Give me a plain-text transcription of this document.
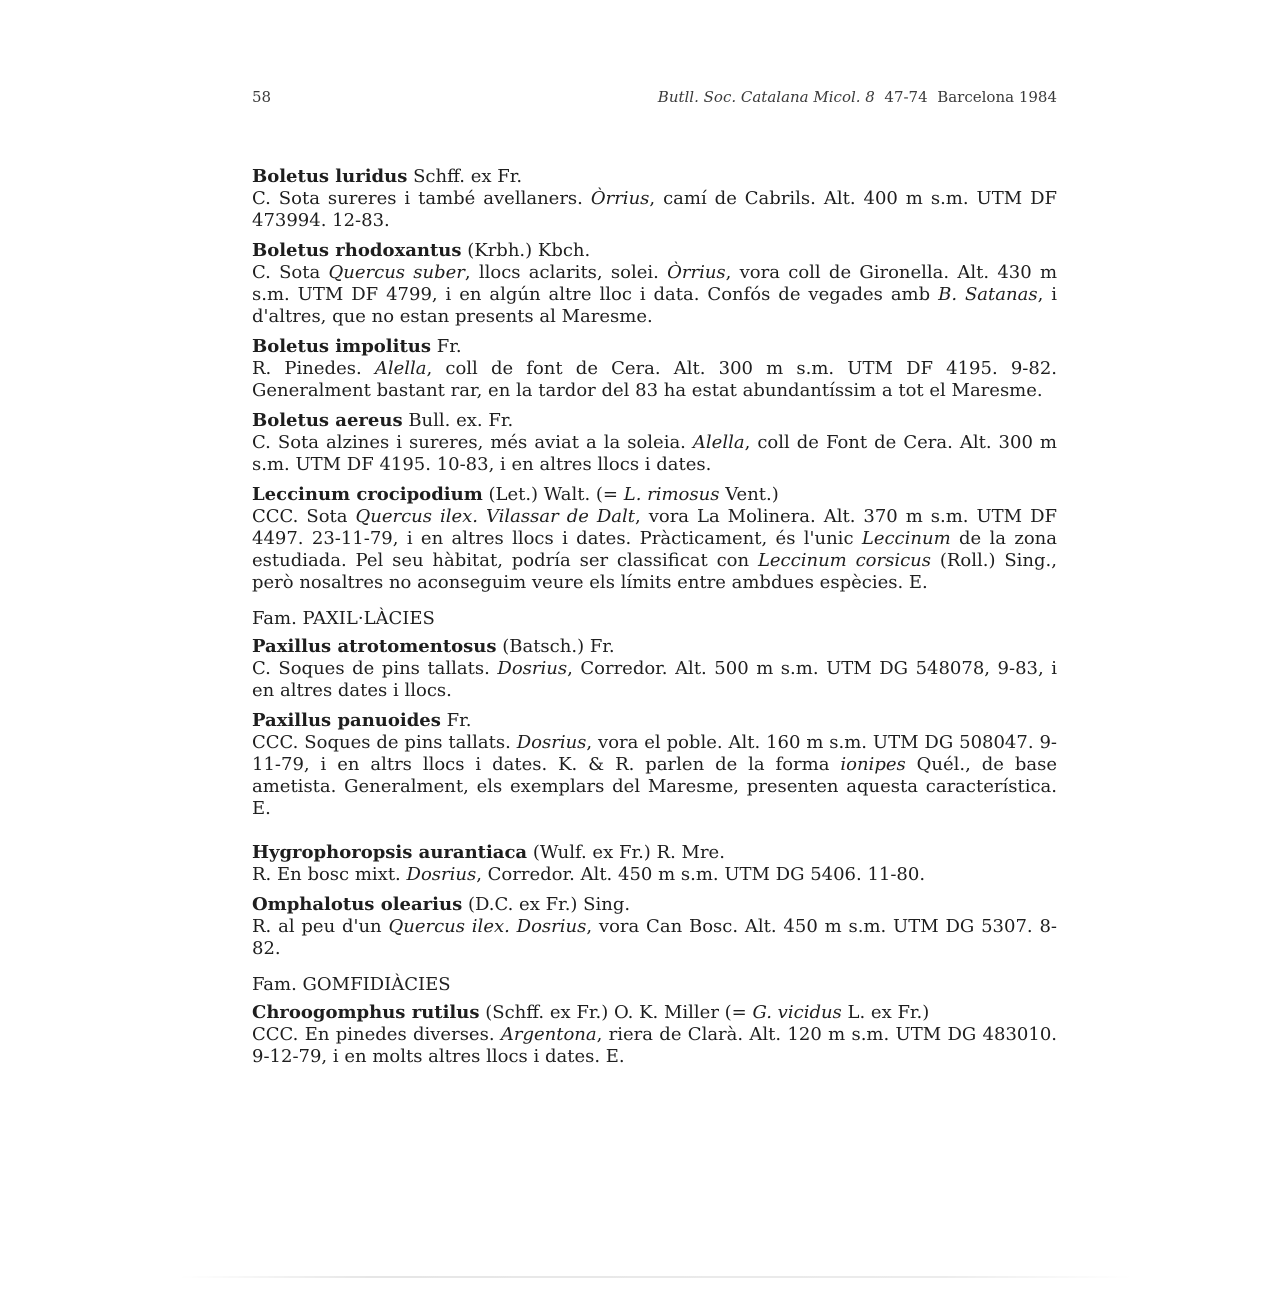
58	Butll. Soc. Catalana Micol. 8 47-74 Barcelona 1984

Boletus luridus Schff. ex Fr.
C. Sota sureres i també avellaners. Òrrius, camí de Cabrils. Alt. 400 m s.m. UTM DF 473994. 12-83.

Boletus rhodoxantus (Krbh.) Kbch.
C. Sota Quercus suber, llocs aclarits, solei. Òrrius, vora coll de Gironella. Alt. 430 m s.m. UTM DF 4799, i en algún altre lloc i data. Confós de vegades amb B. Satanas, i d'altres, que no estan presents al Maresme.

Boletus impolitus Fr.
R. Pinedes. Alella, coll de font de Cera. Alt. 300 m s.m. UTM DF 4195. 9-82. Generalment bastant rar, en la tardor del 83 ha estat abundantíssim a tot el Maresme.

Boletus aereus Bull. ex. Fr.
C. Sota alzines i sureres, més aviat a la soleia. Alella, coll de Font de Cera. Alt. 300 m s.m. UTM DF 4195. 10-83, i en altres llocs i dates.

Leccinum crocipodium (Let.) Walt. (= L. rimosus Vent.)
CCC. Sota Quercus ilex. Vilassar de Dalt, vora La Molinera. Alt. 370 m s.m. UTM DF 4497. 23-11-79, i en altres llocs i dates. Pràcticament, és l'unic Leccinum de la zona estudiada. Pel seu hàbitat, podría ser classificat con Leccinum corsicus (Roll.) Sing., però nosaltres no aconseguim veure els límits entre ambdues espècies. E.

Fam. PAXIL·LÀCIES

Paxillus atrotomentosus (Batsch.) Fr.
C. Soques de pins tallats. Dosrius, Corredor. Alt. 500 m s.m. UTM DG 548078, 9-83, i en altres dates i llocs.

Paxillus panuoides Fr.
CCC. Soques de pins tallats. Dosrius, vora el poble. Alt. 160 m s.m. UTM DG 508047. 9-11-79, i en altrs llocs i dates. K. & R. parlen de la forma ionipes Quél., de base ametista. Generalment, els exemplars del Maresme, presenten aquesta característica. E.

Hygrophoropsis aurantiaca (Wulf. ex Fr.) R. Mre.
R. En bosc mixt. Dosrius, Corredor. Alt. 450 m s.m. UTM DG 5406. 11-80.

Omphalotus olearius (D.C. ex Fr.) Sing.
R. al peu d'un Quercus ilex. Dosrius, vora Can Bosc. Alt. 450 m s.m. UTM DG 5307. 8-82.

Fam. GOMFIDIÀCIES

Chroogomphus rutilus (Schff. ex Fr.) O. K. Miller (= G. vicidus L. ex Fr.)
CCC. En pinedes diverses. Argentona, riera de Clarà. Alt. 120 m s.m. UTM DG 483010. 9-12-79, i en molts altres llocs i dates. E.
